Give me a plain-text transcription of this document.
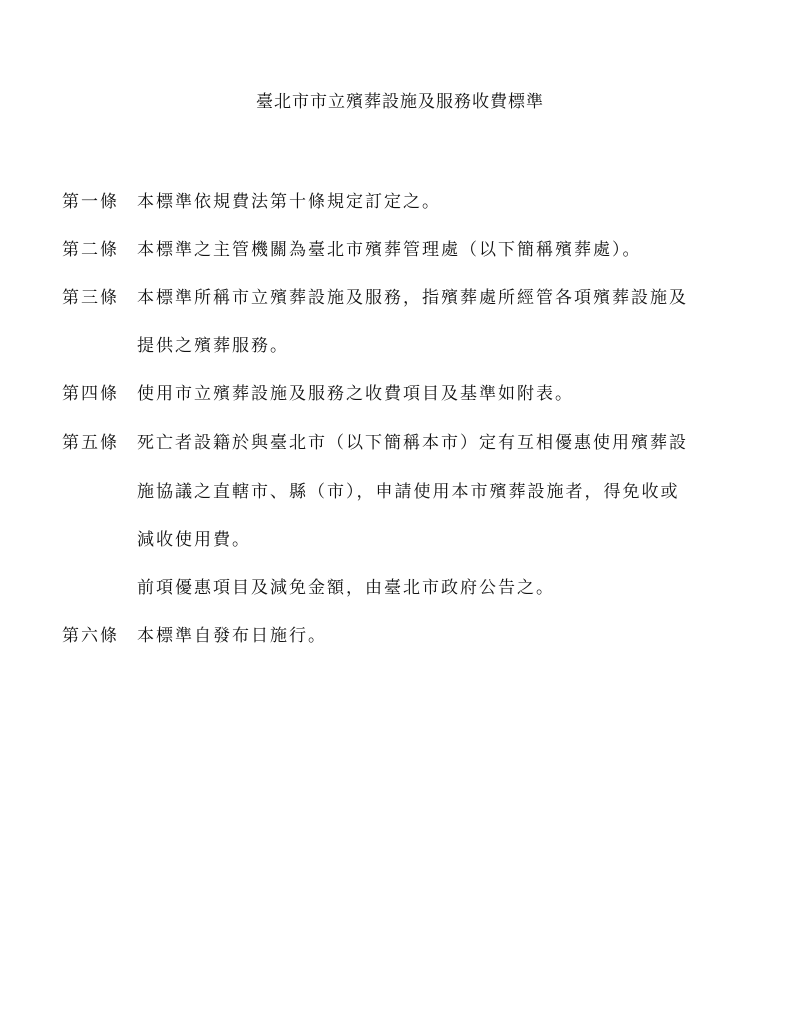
臺北市市立殯葬設施及服務收費標準
第一條 本標準依規費法第十條規定訂定之。
第二條 本標準之主管機關為臺北市殯葬管理處（以下簡稱殯葬處）。
第三條 本標準所稱市立殯葬設施及服務，指殯葬處所經管各項殯葬設施及
提供之殯葬服務。
第四條 使用市立殯葬設施及服務之收費項目及基準如附表。
第五條 死亡者設籍於與臺北市（以下簡稱本市）定有互相優惠使用殯葬設
施協議之直轄市、縣（市），申請使用本市殯葬設施者，得免收或
減收使用費。
前項優惠項目及減免金額，由臺北市政府公告之。
第六條 本標準自發布日施行。
